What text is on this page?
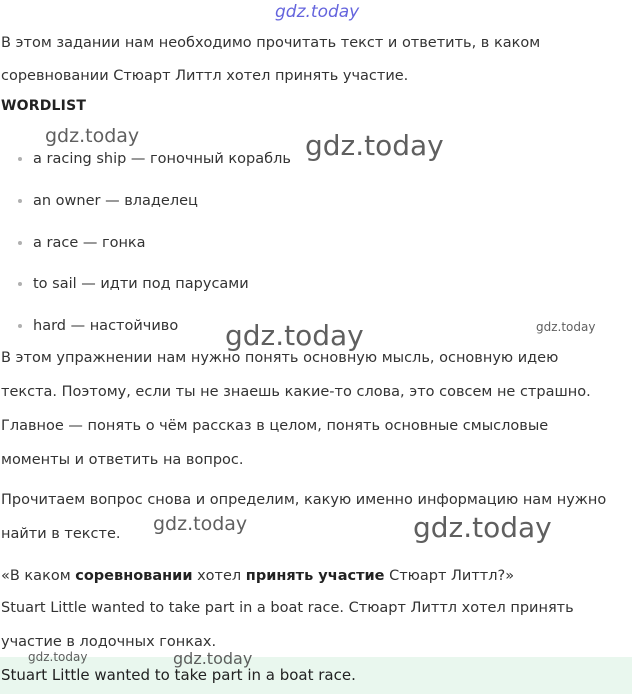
gdz.today
В этом задании нам необходимо прочитать текст и ответить, в каком
соревновании Стюарт Литтл хотел принять участие.
WORDLIST
gdz.today	gdz.today
a racing ship — гоночный корабль
an owner — владелец
a race — гонка
to sail — идти под парусами
hard — настойчиво gdz.today	gdz.today
В этом упражнении нам нужно понять основную мысль, основную идею
текста. Поэтому, если ты не знаешь какие-то слова, это совсем не страшно.
Главное — понять о чём рассказ в целом, понять основные смысловые
моменты и ответить на вопрос.
Прочитаем вопрос снова и определим, какую именно информацию нам нужно
найти в тексте. gdz.today	gdz.today
«В каком соревновании хотел принять участие Стюарт Литтл?»
Stuart Little wanted to take part in a boat race. Стюарт Литтл хотел принять
участие в лодочных гонках.
Stuart Little wanted to take part in a boat race.
gdz.today	gdz.today
